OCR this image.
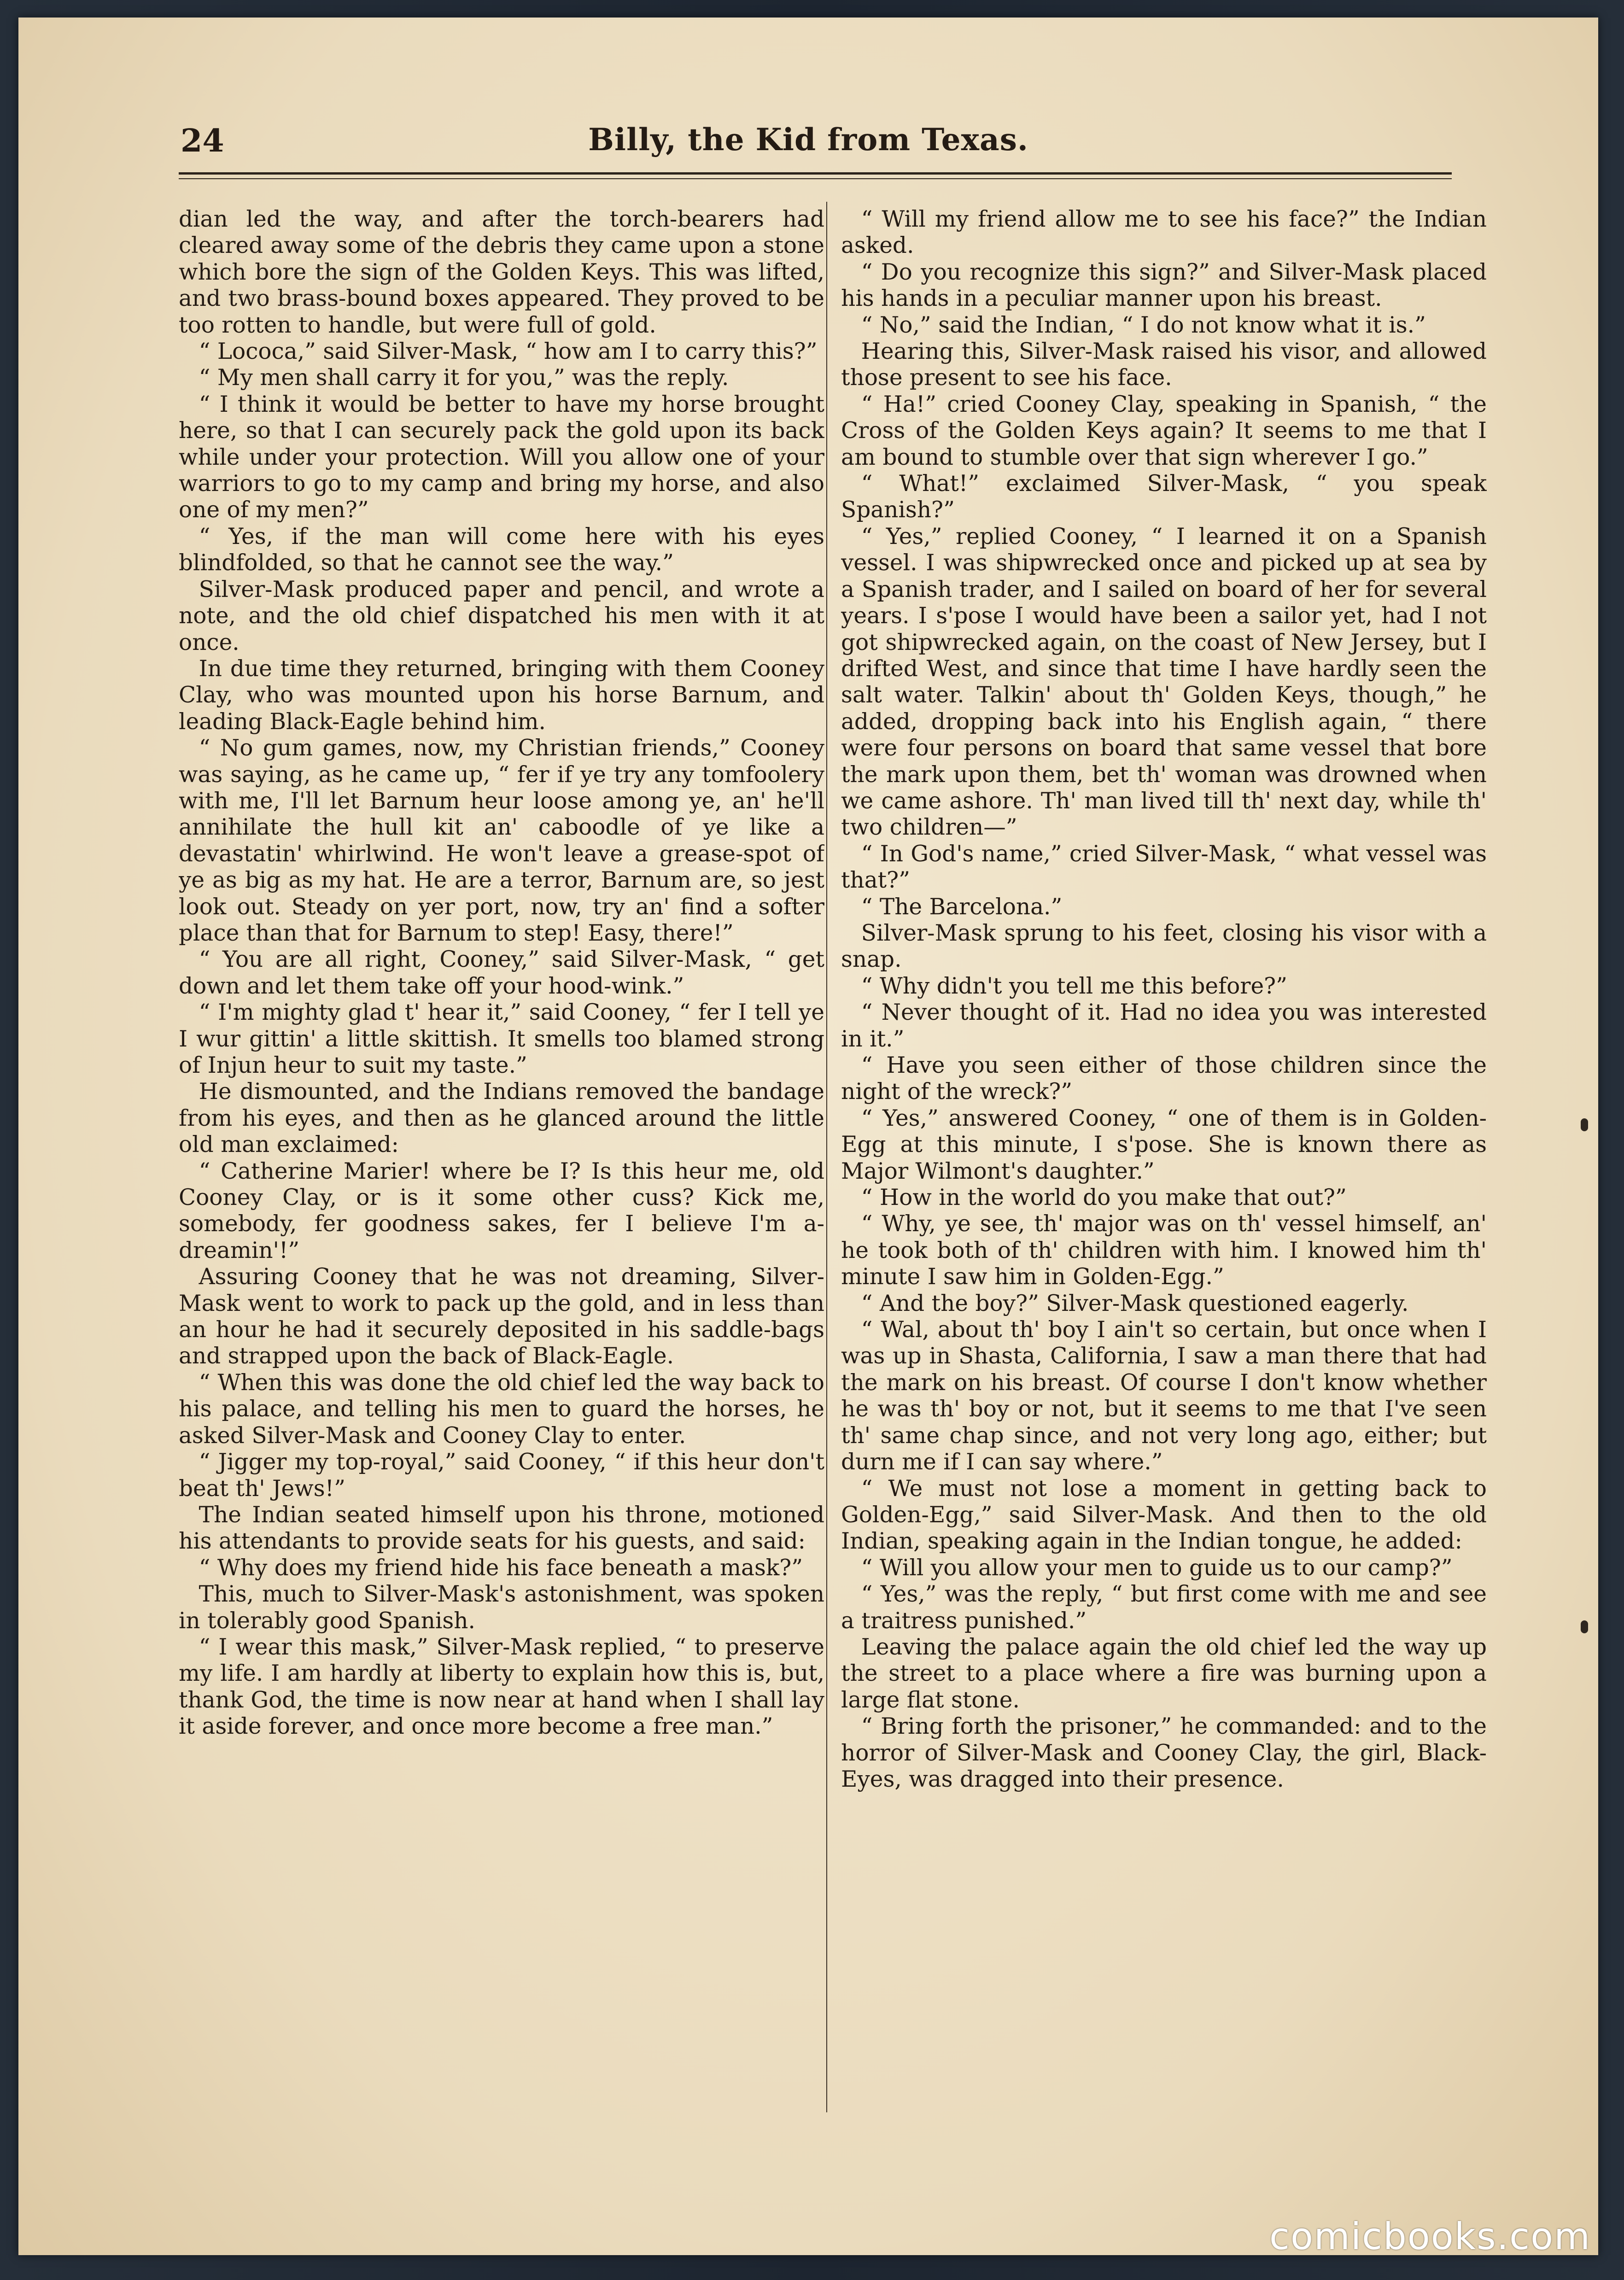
24	Billy, the Kid from Texas.

dian led the way, and after the torch-bearers had cleared away some of the debris they came upon a stone which bore the sign of the Golden Keys. This was lifted, and two brass-bound boxes appeared. They proved to be too rotten to handle, but were full of gold.

“ Lococa,” said Silver-Mask, “ how am I to carry this?”

“ My men shall carry it for you,” was the reply.

“ I think it would be better to have my horse brought here, so that I can securely pack the gold upon its back while under your protection. Will you allow one of your warriors to go to my camp and bring my horse, and also one of my men?”

“ Yes, if the man will come here with his eyes blindfolded, so that he cannot see the way.”

Silver-Mask produced paper and pencil, and wrote a note, and the old chief dispatched his men with it at once.

In due time they returned, bringing with them Cooney Clay, who was mounted upon his horse Barnum, and leading Black-Eagle behind him.

“ No gum games, now, my Christian friends,” Cooney was saying, as he came up, “ fer if ye try any tomfoolery with me, I'll let Barnum heur loose among ye, an' he'll annihilate the hull kit an' caboodle of ye like a devastatin' whirlwind. He won't leave a grease-spot of ye as big as my hat. He are a terror, Barnum are, so jest look out. Steady on yer port, now, try an' find a softer place than that for Barnum to step! Easy, there!”

“ You are all right, Cooney,” said Silver-Mask, “ get down and let them take off your hood-wink.”

“ I'm mighty glad t' hear it,” said Cooney, “ fer I tell ye I wur gittin' a little skittish. It smells too blamed strong of Injun heur to suit my taste.”

He dismounted, and the Indians removed the bandage from his eyes, and then as he glanced around the little old man exclaimed:

“ Catherine Marier! where be I? Is this heur me, old Cooney Clay, or is it some other cuss? Kick me, somebody, fer goodness sakes, fer I believe I'm a-dreamin'!”

Assuring Cooney that he was not dreaming, Silver-Mask went to work to pack up the gold, and in less than an hour he had it securely deposited in his saddle-bags and strapped upon the back of Black-Eagle.

“ When this was done the old chief led the way back to his palace, and telling his men to guard the horses, he asked Silver-Mask and Cooney Clay to enter.

“ Jigger my top-royal,” said Cooney, “ if this heur don't beat th' Jews!”

The Indian seated himself upon his throne, motioned his attendants to provide seats for his guests, and said:

“ Why does my friend hide his face beneath a mask?”

This, much to Silver-Mask's astonishment, was spoken in tolerably good Spanish.

“ I wear this mask,” Silver-Mask replied, “ to preserve my life. I am hardly at liberty to explain how this is, but, thank God, the time is now near at hand when I shall lay it aside forever, and once more become a free man.”

“ Will my friend allow me to see his face?” the Indian asked.

“ Do you recognize this sign?” and Silver-Mask placed his hands in a peculiar manner upon his breast.

“ No,” said the Indian, “ I do not know what it is.”

Hearing this, Silver-Mask raised his visor, and allowed those present to see his face.

“ Ha!” cried Cooney Clay, speaking in Spanish, “ the Cross of the Golden Keys again? It seems to me that I am bound to stumble over that sign wherever I go.”

“ What!” exclaimed Silver-Mask, “ you speak Spanish?”

“ Yes,” replied Cooney, “ I learned it on a Spanish vessel. I was shipwrecked once and picked up at sea by a Spanish trader, and I sailed on board of her for several years. I s'pose I would have been a sailor yet, had I not got shipwrecked again, on the coast of New Jersey, but I drifted West, and since that time I have hardly seen the salt water. Talkin' about th' Golden Keys, though,” he added, dropping back into his English again, “ there were four persons on board that same vessel that bore the mark upon them, bet th' woman was drowned when we came ashore. Th' man lived till th' next day, while th' two children—”

“ In God's name,” cried Silver-Mask, “ what vessel was that?”

“ The Barcelona.”

Silver-Mask sprung to his feet, closing his visor with a snap.

“ Why didn't you tell me this before?”

“ Never thought of it. Had no idea you was interested in it.”

“ Have you seen either of those children since the night of the wreck?”

“ Yes,” answered Cooney, “ one of them is in Golden-Egg at this minute, I s'pose. She is known there as Major Wilmont's daughter.”

“ How in the world do you make that out?”

“ Why, ye see, th' major was on th' vessel himself, an' he took both of th' children with him. I knowed him th' minute I saw him in Golden-Egg.”

“ And the boy?” Silver-Mask questioned eagerly.

“ Wal, about th' boy I ain't so certain, but once when I was up in Shasta, California, I saw a man there that had the mark on his breast. Of course I don't know whether he was th' boy or not, but it seems to me that I've seen th' same chap since, and not very long ago, either; but durn me if I can say where.”

“ We must not lose a moment in getting back to Golden-Egg,” said Silver-Mask. And then to the old Indian, speaking again in the Indian tongue, he added:

“ Will you allow your men to guide us to our camp?”

“ Yes,” was the reply, “ but first come with me and see a traitress punished.”

Leaving the palace again the old chief led the way up the street to a place where a fire was burning upon a large flat stone.

“ Bring forth the prisoner,” he commanded: and to the horror of Silver-Mask and Cooney Clay, the girl, Black-Eyes, was dragged into their presence.

comicbooks.com
